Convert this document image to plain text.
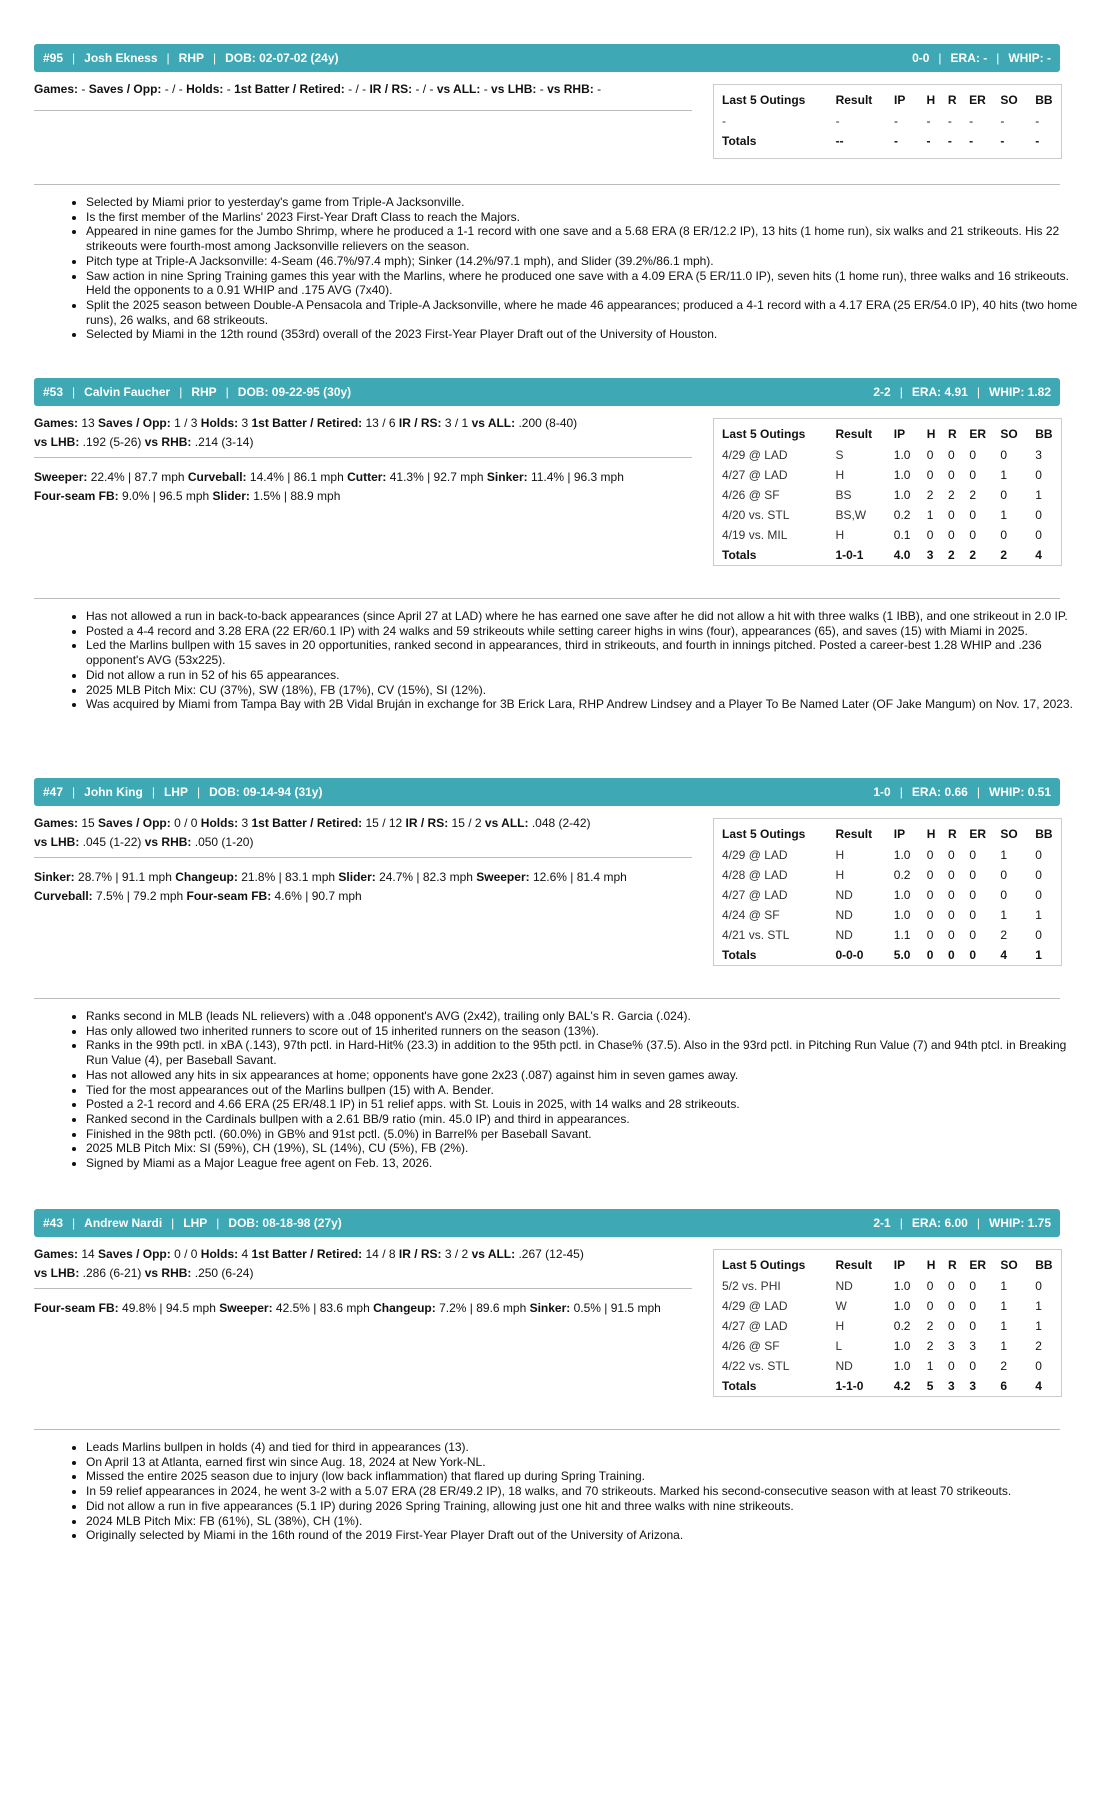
#95 | Josh Ekness | RHP | DOB: 02-07-02 (24y)	0-0 | ERA: - | WHIP: -
Games: - Saves / Opp: - / - Holds: - 1st Batter / Retired: - / - IR / RS: - / - vs ALL: - vs LHB: - vs RHB: -
Last 5 Outings	Result	IP	H	R	ER	SO	BB
-	-	-	-	-	-	-	-
Totals	--	-	-	-	-	-	-
• Selected by Miami prior to yesterday's game from Triple-A Jacksonville.
• Is the first member of the Marlins' 2023 First-Year Draft Class to reach the Majors.
• Appeared in nine games for the Jumbo Shrimp, where he produced a 1-1 record with one save and a 5.68 ERA (8 ER/12.2 IP), 13 hits (1 home run), six walks and 21 strikeouts. His 22 strikeouts were fourth-most among Jacksonville relievers on the season.
• Pitch type at Triple-A Jacksonville: 4-Seam (46.7%/97.4 mph); Sinker (14.2%/97.1 mph), and Slider (39.2%/86.1 mph).
• Saw action in nine Spring Training games this year with the Marlins, where he produced one save with a 4.09 ERA (5 ER/11.0 IP), seven hits (1 home run), three walks and 16 strikeouts. Held the opponents to a 0.91 WHIP and .175 AVG (7x40).
• Split the 2025 season between Double-A Pensacola and Triple-A Jacksonville, where he made 46 appearances; produced a 4-1 record with a 4.17 ERA (25 ER/54.0 IP), 40 hits (two home runs), 26 walks, and 68 strikeouts.
• Selected by Miami in the 12th round (353rd) overall of the 2023 First-Year Player Draft out of the University of Houston.
#53 | Calvin Faucher | RHP | DOB: 09-22-95 (30y)	2-2 | ERA: 4.91 | WHIP: 1.82
Games: 13 Saves / Opp: 1 / 3 Holds: 3 1st Batter / Retired: 13 / 6 IR / RS: 3 / 1 vs ALL: .200 (8-40)
vs LHB: .192 (5-26) vs RHB: .214 (3-14)
Sweeper: 22.4% | 87.7 mph Curveball: 14.4% | 86.1 mph Cutter: 41.3% | 92.7 mph Sinker: 11.4% | 96.3 mph
Four-seam FB: 9.0% | 96.5 mph Slider: 1.5% | 88.9 mph
Last 5 Outings	Result	IP	H	R	ER	SO	BB
4/29 @ LAD	S	1.0	0	0	0	0	3
4/27 @ LAD	H	1.0	0	0	0	1	0
4/26 @ SF	BS	1.0	2	2	2	0	1
4/20 vs. STL	BS,W	0.2	1	0	0	1	0
4/19 vs. MIL	H	0.1	0	0	0	0	0
Totals	1-0-1	4.0	3	2	2	2	4
• Has not allowed a run in back-to-back appearances (since April 27 at LAD) where he has earned one save after he did not allow a hit with three walks (1 IBB), and one strikeout in 2.0 IP.
• Posted a 4-4 record and 3.28 ERA (22 ER/60.1 IP) with 24 walks and 59 strikeouts while setting career highs in wins (four), appearances (65), and saves (15) with Miami in 2025.
• Led the Marlins bullpen with 15 saves in 20 opportunities, ranked second in appearances, third in strikeouts, and fourth in innings pitched. Posted a career-best 1.28 WHIP and .236 opponent's AVG (53x225).
• Did not allow a run in 52 of his 65 appearances.
• 2025 MLB Pitch Mix: CU (37%), SW (18%), FB (17%), CV (15%), SI (12%).
• Was acquired by Miami from Tampa Bay with 2B Vidal Bruján in exchange for 3B Erick Lara, RHP Andrew Lindsey and a Player To Be Named Later (OF Jake Mangum) on Nov. 17, 2023.
#47 | John King | LHP | DOB: 09-14-94 (31y)	1-0 | ERA: 0.66 | WHIP: 0.51
Games: 15 Saves / Opp: 0 / 0 Holds: 3 1st Batter / Retired: 15 / 12 IR / RS: 15 / 2 vs ALL: .048 (2-42)
vs LHB: .045 (1-22) vs RHB: .050 (1-20)
Sinker: 28.7% | 91.1 mph Changeup: 21.8% | 83.1 mph Slider: 24.7% | 82.3 mph Sweeper: 12.6% | 81.4 mph
Curveball: 7.5% | 79.2 mph Four-seam FB: 4.6% | 90.7 mph
Last 5 Outings	Result	IP	H	R	ER	SO	BB
4/29 @ LAD	H	1.0	0	0	0	1	0
4/28 @ LAD	H	0.2	0	0	0	0	0
4/27 @ LAD	ND	1.0	0	0	0	0	0
4/24 @ SF	ND	1.0	0	0	0	1	1
4/21 vs. STL	ND	1.1	0	0	0	2	0
Totals	0-0-0	5.0	0	0	0	4	1
• Ranks second in MLB (leads NL relievers) with a .048 opponent's AVG (2x42), trailing only BAL's R. Garcia (.024).
• Has only allowed two inherited runners to score out of 15 inherited runners on the season (13%).
• Ranks in the 99th pctl. in xBA (.143), 97th pctl. in Hard-Hit% (23.3) in addition to the 95th pctl. in Chase% (37.5). Also in the 93rd pctl. in Pitching Run Value (7) and 94th ptcl. in Breaking Run Value (4), per Baseball Savant.
• Has not allowed any hits in six appearances at home; opponents have gone 2x23 (.087) against him in seven games away.
• Tied for the most appearances out of the Marlins bullpen (15) with A. Bender.
• Posted a 2-1 record and 4.66 ERA (25 ER/48.1 IP) in 51 relief apps. with St. Louis in 2025, with 14 walks and 28 strikeouts.
• Ranked second in the Cardinals bullpen with a 2.61 BB/9 ratio (min. 45.0 IP) and third in appearances.
• Finished in the 98th pctl. (60.0%) in GB% and 91st pctl. (5.0%) in Barrel% per Baseball Savant.
• 2025 MLB Pitch Mix: SI (59%), CH (19%), SL (14%), CU (5%), FB (2%).
• Signed by Miami as a Major League free agent on Feb. 13, 2026.
#43 | Andrew Nardi | LHP | DOB: 08-18-98 (27y)	2-1 | ERA: 6.00 | WHIP: 1.75
Games: 14 Saves / Opp: 0 / 0 Holds: 4 1st Batter / Retired: 14 / 8 IR / RS: 3 / 2 vs ALL: .267 (12-45)
vs LHB: .286 (6-21) vs RHB: .250 (6-24)
Four-seam FB: 49.8% | 94.5 mph Sweeper: 42.5% | 83.6 mph Changeup: 7.2% | 89.6 mph Sinker: 0.5% | 91.5 mph
Last 5 Outings	Result	IP	H	R	ER	SO	BB
5/2 vs. PHI	ND	1.0	0	0	0	1	0
4/29 @ LAD	W	1.0	0	0	0	1	1
4/27 @ LAD	H	0.2	2	0	0	1	1
4/26 @ SF	L	1.0	2	3	3	1	2
4/22 vs. STL	ND	1.0	1	0	0	2	0
Totals	1-1-0	4.2	5	3	3	6	4
• Leads Marlins bullpen in holds (4) and tied for third in appearances (13).
• On April 13 at Atlanta, earned first win since Aug. 18, 2024 at New York-NL.
• Missed the entire 2025 season due to injury (low back inflammation) that flared up during Spring Training.
• In 59 relief appearances in 2024, he went 3-2 with a 5.07 ERA (28 ER/49.2 IP), 18 walks, and 70 strikeouts. Marked his second-consecutive season with at least 70 strikeouts.
• Did not allow a run in five appearances (5.1 IP) during 2026 Spring Training, allowing just one hit and three walks with nine strikeouts.
• 2024 MLB Pitch Mix: FB (61%), SL (38%), CH (1%).
• Originally selected by Miami in the 16th round of the 2019 First-Year Player Draft out of the University of Arizona.
